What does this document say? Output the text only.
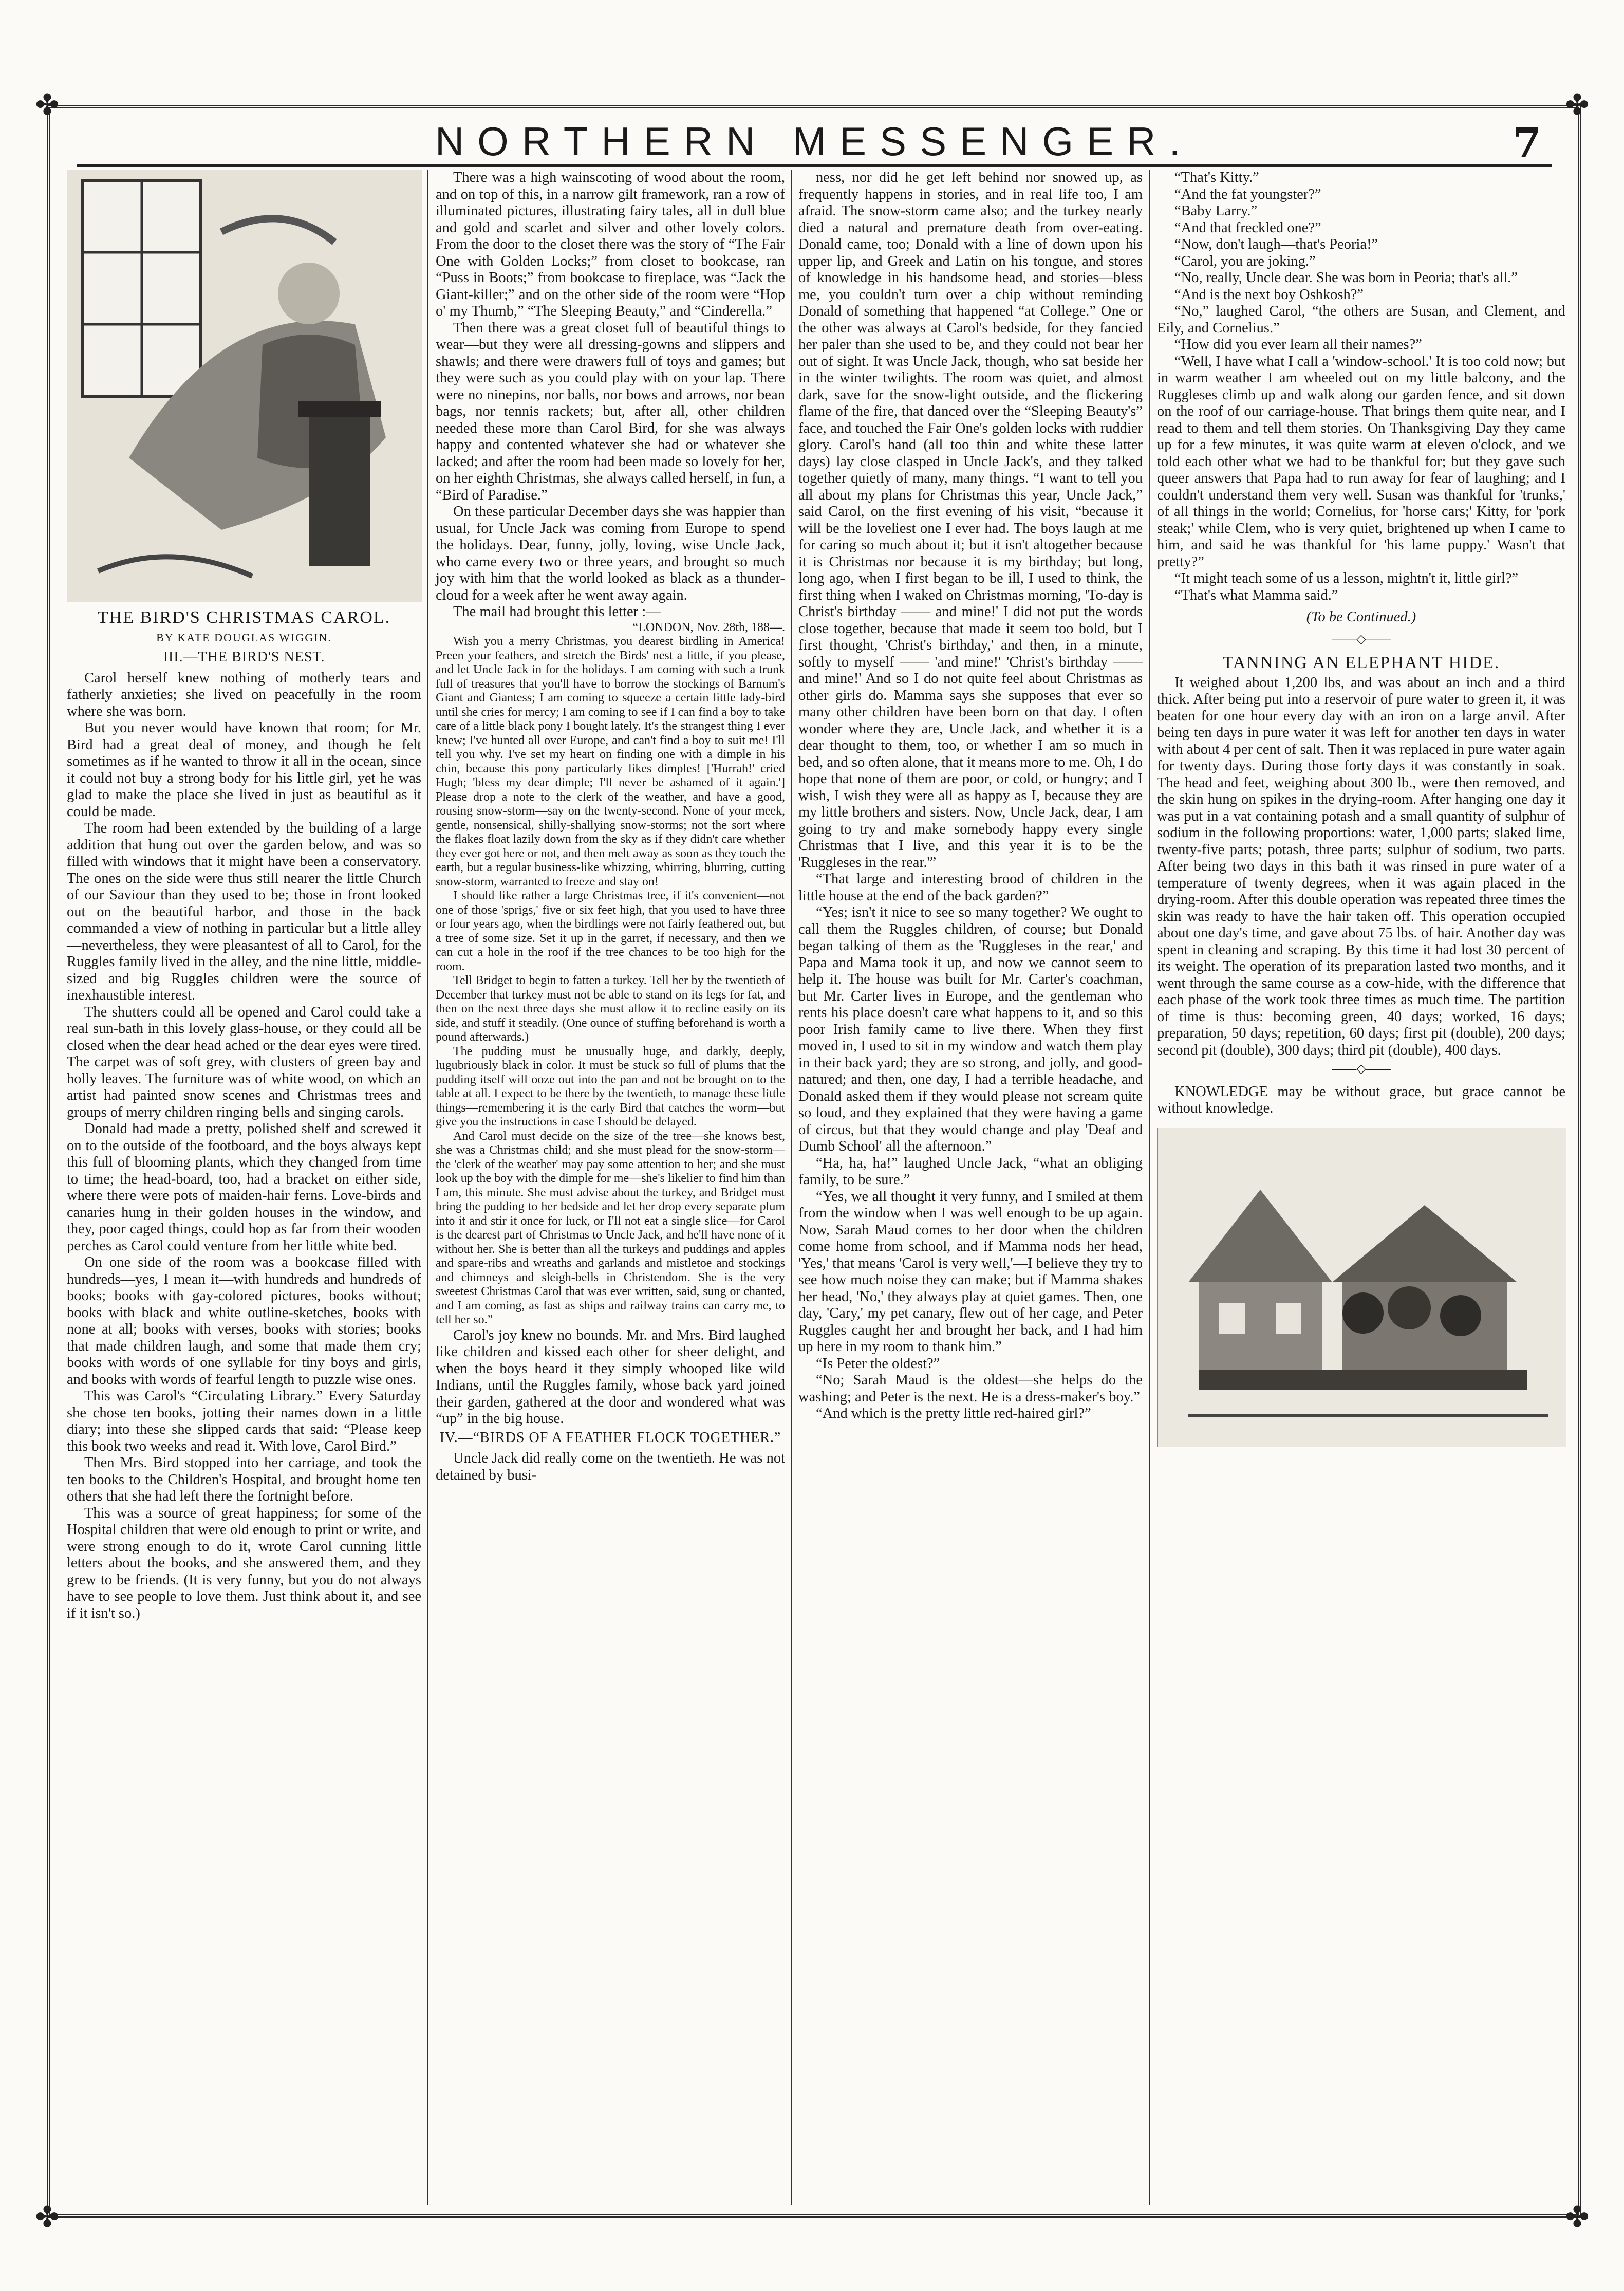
✤	✤
✤	✤
NORTHERN MESSENGER.	7

THE BIRD'S CHRISTMAS CAROL.

BY KATE DOUGLAS WIGGIN.

III.—THE BIRD'S NEST.

Carol herself knew nothing of motherly tears and fatherly anxieties; she lived on peacefully in the room where she was born.

But you never would have known that room; for Mr. Bird had a great deal of money, and though he felt sometimes as if he wanted to throw it all in the ocean, since it could not buy a strong body for his little girl, yet he was glad to make the place she lived in just as beautiful as it could be made.

The room had been extended by the building of a large addition that hung out over the garden below, and was so filled with windows that it might have been a conservatory. The ones on the side were thus still nearer the little Church of our Saviour than they used to be; those in front looked out on the beautiful harbor, and those in the back commanded a view of nothing in particular but a little alley—nevertheless, they were pleasantest of all to Carol, for the Ruggles family lived in the alley, and the nine little, middle-sized and big Ruggles children were the source of inexhaustible interest.

The shutters could all be opened and Carol could take a real sun-bath in this lovely glass-house, or they could all be closed when the dear head ached or the dear eyes were tired. The carpet was of soft grey, with clusters of green bay and holly leaves. The furniture was of white wood, on which an artist had painted snow scenes and Christmas trees and groups of merry children ringing bells and singing carols.

Donald had made a pretty, polished shelf and screwed it on to the outside of the footboard, and the boys always kept this full of blooming plants, which they changed from time to time; the head-board, too, had a bracket on either side, where there were pots of maiden-hair ferns. Love-birds and canaries hung in their golden houses in the window, and they, poor caged things, could hop as far from their wooden perches as Carol could venture from her little white bed.

On one side of the room was a bookcase filled with hundreds—yes, I mean it—with hundreds and hundreds of books; books with gay-colored pictures, books without; books with black and white outline-sketches, books with none at all; books with verses, books with stories; books that made children laugh, and some that made them cry; books with words of one syllable for tiny boys and girls, and books with words of fearful length to puzzle wise ones.

This was Carol's “Circulating Library.” Every Saturday she chose ten books, jotting their names down in a little diary; into these she slipped cards that said: “Please keep this book two weeks and read it. With love, Carol Bird.”

Then Mrs. Bird stopped into her carriage, and took the ten books to the Children's Hospital, and brought home ten others that she had left there the fortnight before.

This was a source of great happiness; for some of the Hospital children that were old enough to print or write, and were strong enough to do it, wrote Carol cunning little letters about the books, and she answered them, and they grew to be friends. (It is very funny, but you do not always have to see people to love them. Just think about it, and see if it isn't so.)

There was a high wainscoting of wood about the room, and on top of this, in a narrow gilt framework, ran a row of illuminated pictures, illustrating fairy tales, all in dull blue and gold and scarlet and silver and other lovely colors. From the door to the closet there was the story of “The Fair One with Golden Locks;” from closet to bookcase, ran “Puss in Boots;” from bookcase to fireplace, was “Jack the Giant-killer;” and on the other side of the room were “Hop o' my Thumb,” “The Sleeping Beauty,” and “Cinderella.”

Then there was a great closet full of beautiful things to wear—but they were all dressing-gowns and slippers and shawls; and there were drawers full of toys and games; but they were such as you could play with on your lap. There were no ninepins, nor balls, nor bows and arrows, nor bean bags, nor tennis rackets; but, after all, other children needed these more than Carol Bird, for she was always happy and contented whatever she had or whatever she lacked; and after the room had been made so lovely for her, on her eighth Christmas, she always called herself, in fun, a “Bird of Paradise.”

On these particular December days she was happier than usual, for Uncle Jack was coming from Europe to spend the holidays. Dear, funny, jolly, loving, wise Uncle Jack, who came every two or three years, and brought so much joy with him that the world looked as black as a thunder-cloud for a week after he went away again.

The mail had brought this letter :—

“LONDON, Nov. 28th, 188—.

Wish you a merry Christmas, you dearest birdling in America! Preen your feathers, and stretch the Birds' nest a little, if you please, and let Uncle Jack in for the holidays. I am coming with such a trunk full of treasures that you'll have to borrow the stockings of Barnum's Giant and Giantess; I am coming to squeeze a certain little lady-bird until she cries for mercy; I am coming to see if I can find a boy to take care of a little black pony I bought lately. It's the strangest thing I ever knew; I've hunted all over Europe, and can't find a boy to suit me! I'll tell you why. I've set my heart on finding one with a dimple in his chin, because this pony particularly likes dimples! ['Hurrah!' cried Hugh; 'bless my dear dimple; I'll never be ashamed of it again.'] Please drop a note to the clerk of the weather, and have a good, rousing snow-storm—say on the twenty-second. None of your meek, gentle, nonsensical, shilly-shallying snow-storms; not the sort where the flakes float lazily down from the sky as if they didn't care whether they ever got here or not, and then melt away as soon as they touch the earth, but a regular business-like whizzing, whirring, blurring, cutting snow-storm, warranted to freeze and stay on!

I should like rather a large Christmas tree, if it's convenient—not one of those 'sprigs,' five or six feet high, that you used to have three or four years ago, when the birdlings were not fairly feathered out, but a tree of some size. Set it up in the garret, if necessary, and then we can cut a hole in the roof if the tree chances to be too high for the room.

Tell Bridget to begin to fatten a turkey. Tell her by the twentieth of December that turkey must not be able to stand on its legs for fat, and then on the next three days she must allow it to recline easily on its side, and stuff it steadily. (One ounce of stuffing beforehand is worth a pound afterwards.)

The pudding must be unusually huge, and darkly, deeply, lugubriously black in color. It must be stuck so full of plums that the pudding itself will ooze out into the pan and not be brought on to the table at all. I expect to be there by the twentieth, to manage these little things—remembering it is the early Bird that catches the worm—but give you the instructions in case I should be delayed.

And Carol must decide on the size of the tree—she knows best, she was a Christmas child; and she must plead for the snow-storm—the 'clerk of the weather' may pay some attention to her; and she must look up the boy with the dimple for me—she's likelier to find him than I am, this minute. She must advise about the turkey, and Bridget must bring the pudding to her bedside and let her drop every separate plum into it and stir it once for luck, or I'll not eat a single slice—for Carol is the dearest part of Christmas to Uncle Jack, and he'll have none of it without her. She is better than all the turkeys and puddings and apples and spare-ribs and wreaths and garlands and mistletoe and stockings and chimneys and sleigh-bells in Christendom. She is the very sweetest Christmas Carol that was ever written, said, sung or chanted, and I am coming, as fast as ships and railway trains can carry me, to tell her so.”

Carol's joy knew no bounds. Mr. and Mrs. Bird laughed like children and kissed each other for sheer delight, and when the boys heard it they simply whooped like wild Indians, until the Ruggles family, whose back yard joined their garden, gathered at the door and wondered what was “up” in the big house.

IV.—“BIRDS OF A FEATHER FLOCK TOGETHER.”

Uncle Jack did really come on the twentieth. He was not detained by busi-

ness, nor did he get left behind nor snowed up, as frequently happens in stories, and in real life too, I am afraid. The snow-storm came also; and the turkey nearly died a natural and premature death from over-eating. Donald came, too; Donald with a line of down upon his upper lip, and Greek and Latin on his tongue, and stores of knowledge in his handsome head, and stories—bless me, you couldn't turn over a chip without reminding Donald of something that happened “at College.” One or the other was always at Carol's bedside, for they fancied her paler than she used to be, and they could not bear her out of sight. It was Uncle Jack, though, who sat beside her in the winter twilights. The room was quiet, and almost dark, save for the snow-light outside, and the flickering flame of the fire, that danced over the “Sleeping Beauty's” face, and touched the Fair One's golden locks with ruddier glory. Carol's hand (all too thin and white these latter days) lay close clasped in Uncle Jack's, and they talked together quietly of many, many things. “I want to tell you all about my plans for Christmas this year, Uncle Jack,” said Carol, on the first evening of his visit, “because it will be the loveliest one I ever had. The boys laugh at me for caring so much about it; but it isn't altogether because it is Christmas nor because it is my birthday; but long, long ago, when I first began to be ill, I used to think, the first thing when I waked on Christmas morning, 'To-day is Christ's birthday —— and mine!' I did not put the words close together, because that made it seem too bold, but I first thought, 'Christ's birthday,' and then, in a minute, softly to myself —— 'and mine!' 'Christ's birthday —— and mine!' And so I do not quite feel about Christmas as other girls do. Mamma says she supposes that ever so many other children have been born on that day. I often wonder where they are, Uncle Jack, and whether it is a dear thought to them, too, or whether I am so much in bed, and so often alone, that it means more to me. Oh, I do hope that none of them are poor, or cold, or hungry; and I wish, I wish they were all as happy as I, because they are my little brothers and sisters. Now, Uncle Jack, dear, I am going to try and make somebody happy every single Christmas that I live, and this year it is to be the 'Ruggleses in the rear.'”

“That large and interesting brood of children in the little house at the end of the back garden?”

“Yes; isn't it nice to see so many together? We ought to call them the Ruggles children, of course; but Donald began talking of them as the 'Ruggleses in the rear,' and Papa and Mama took it up, and now we cannot seem to help it. The house was built for Mr. Carter's coachman, but Mr. Carter lives in Europe, and the gentleman who rents his place doesn't care what happens to it, and so this poor Irish family came to live there. When they first moved in, I used to sit in my window and watch them play in their back yard; they are so strong, and jolly, and good-natured; and then, one day, I had a terrible headache, and Donald asked them if they would please not scream quite so loud, and they explained that they were having a game of circus, but that they would change and play 'Deaf and Dumb School' all the afternoon.”

“Ha, ha, ha!” laughed Uncle Jack, “what an obliging family, to be sure.”

“Yes, we all thought it very funny, and I smiled at them from the window when I was well enough to be up again. Now, Sarah Maud comes to her door when the children come home from school, and if Mamma nods her head, 'Yes,' that means 'Carol is very well,'—I believe they try to see how much noise they can make; but if Mamma shakes her head, 'No,' they always play at quiet games. Then, one day, 'Cary,' my pet canary, flew out of her cage, and Peter Ruggles caught her and brought her back, and I had him up here in my room to thank him.”

“Is Peter the oldest?”

“No; Sarah Maud is the oldest—she helps do the washing; and Peter is the next. He is a dress-maker's boy.”

“And which is the pretty little red-haired girl?”

“That's Kitty.”

“And the fat youngster?”

“Baby Larry.”

“And that freckled one?”

“Now, don't laugh—that's Peoria!”

“Carol, you are joking.”

“No, really, Uncle dear. She was born in Peoria; that's all.”

“And is the next boy Oshkosh?”

“No,” laughed Carol, “the others are Susan, and Clement, and Eily, and Cornelius.”

“How did you ever learn all their names?”

“Well, I have what I call a 'window-school.' It is too cold now; but in warm weather I am wheeled out on my little balcony, and the Ruggleses climb up and walk along our garden fence, and sit down on the roof of our carriage-house. That brings them quite near, and I read to them and tell them stories. On Thanksgiving Day they came up for a few minutes, it was quite warm at eleven o'clock, and we told each other what we had to be thankful for; but they gave such queer answers that Papa had to run away for fear of laughing; and I couldn't understand them very well. Susan was thankful for 'trunks,' of all things in the world; Cornelius, for 'horse cars;' Kitty, for 'pork steak;' while Clem, who is very quiet, brightened up when I came to him, and said he was thankful for 'his lame puppy.' Wasn't that pretty?”

“It might teach some of us a lesson, mightn't it, little girl?”

“That's what Mamma said.”

(To be Continued.)

——◇——

TANNING AN ELEPHANT HIDE.

It weighed about 1,200 lbs, and was about an inch and a third thick. After being put into a reservoir of pure water to green it, it was beaten for one hour every day with an iron on a large anvil. After being ten days in pure water it was left for another ten days in water with about 4 per cent of salt. Then it was replaced in pure water again for twenty days. During those forty days it was constantly in soak. The head and feet, weighing about 300 lb., were then removed, and the skin hung on spikes in the drying-room. After hanging one day it was put in a vat containing potash and a small quantity of sulphur of sodium in the following proportions: water, 1,000 parts; slaked lime, twenty-five parts; potash, three parts; sulphur of sodium, two parts. After being two days in this bath it was rinsed in pure water of a temperature of twenty degrees, when it was again placed in the drying-room. After this double operation was repeated three times the skin was ready to have the hair taken off. This operation occupied about one day's time, and gave about 75 lbs. of hair. Another day was spent in cleaning and scraping. By this time it had lost 30 percent of its weight. The operation of its preparation lasted two months, and it went through the same course as a cow-hide, with the difference that each phase of the work took three times as much time. The partition of time is thus: becoming green, 40 days; worked, 16 days; preparation, 50 days; repetition, 60 days; first pit (double), 200 days; second pit (double), 300 days; third pit (double), 400 days.

——◇——

KNOWLEDGE may be without grace, but grace cannot be without knowledge.
